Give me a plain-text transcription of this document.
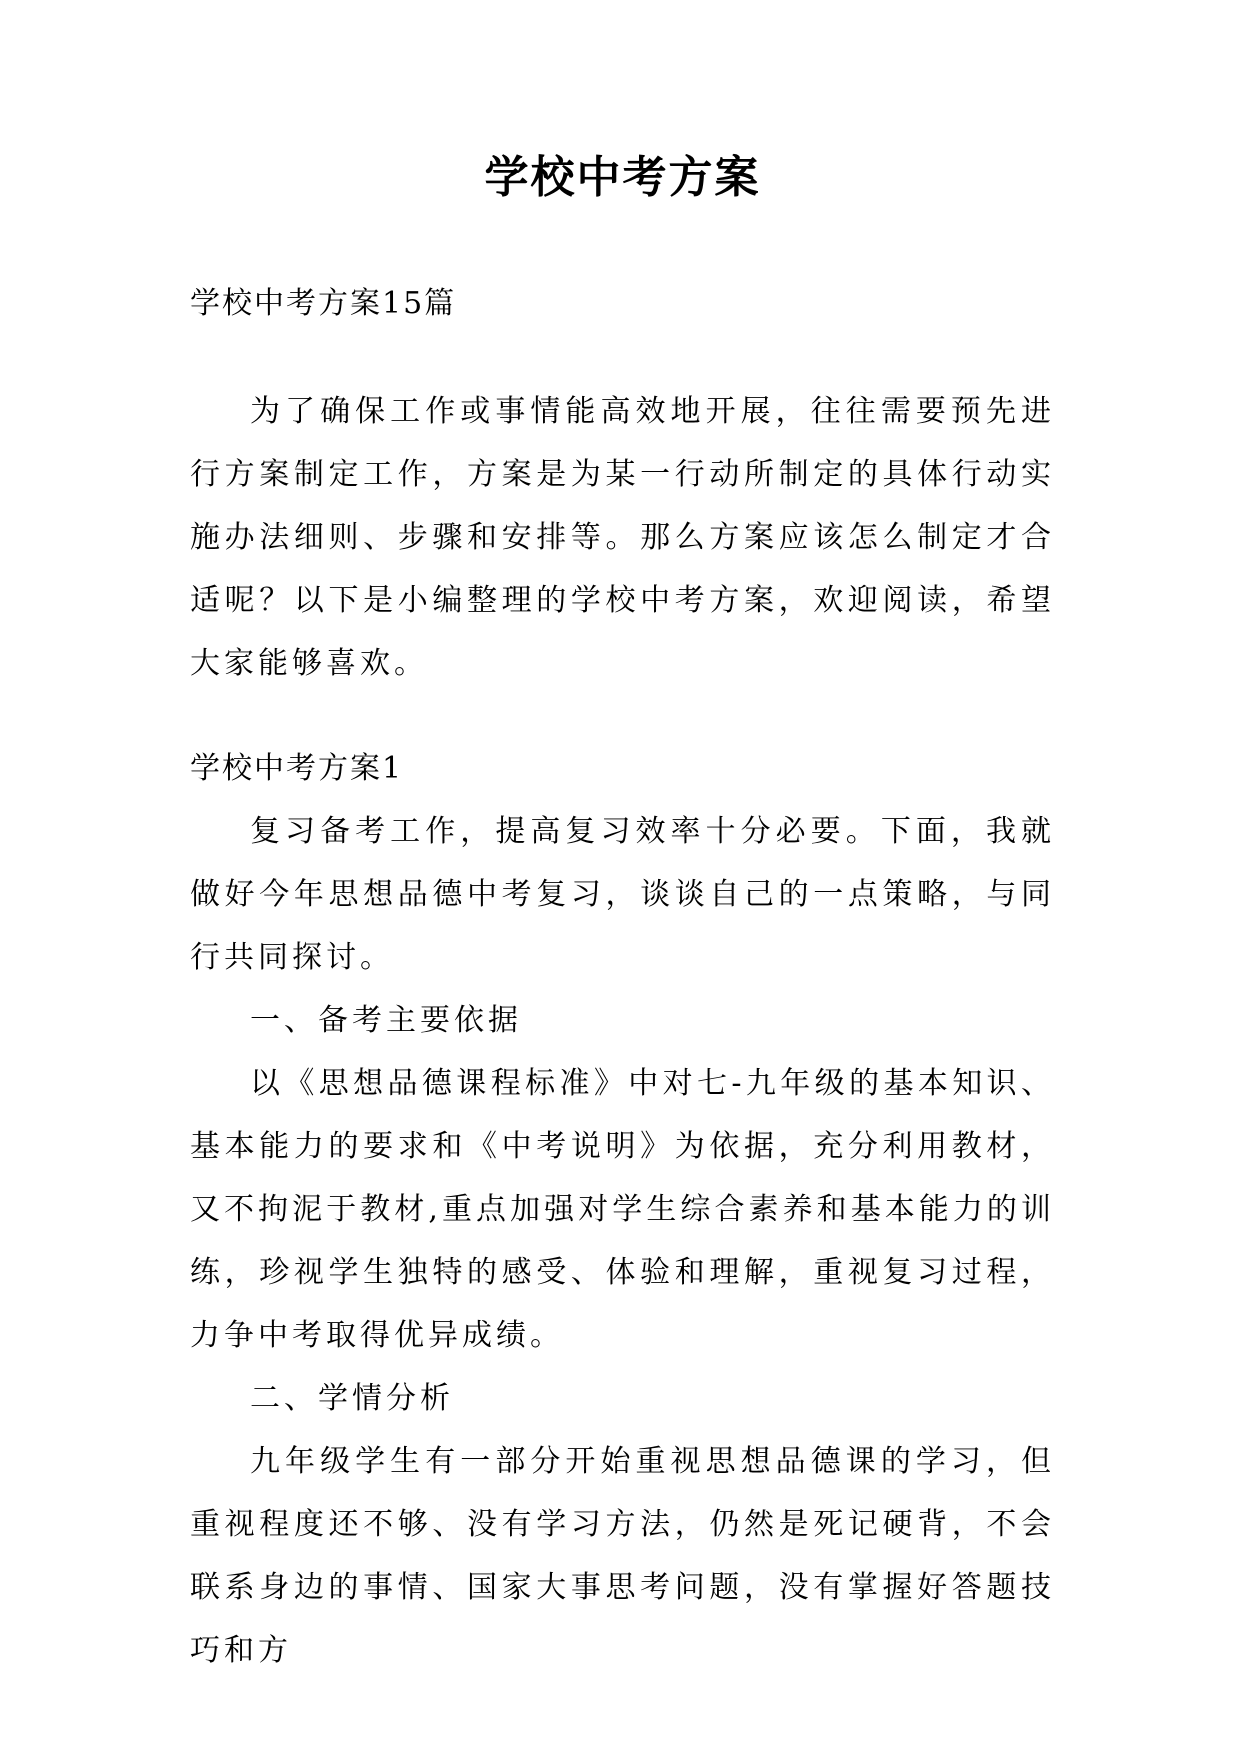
学校中考方案
学校中考方案15篇

为了确保工作或事情能高效地开展，往往需要预先进行方案制定工作，方案是为某一行动所制定的具体行动实施办法细则、步骤和安排等。那么方案应该怎么制定才合适呢？以下是小编整理的学校中考方案，欢迎阅读，希望大家能够喜欢。

学校中考方案1

复习备考工作，提高复习效率十分必要。下面，我就做好今年思想品德中考复习，谈谈自己的一点策略，与同行共同探讨。

一、备考主要依据

以《思想品德课程标准》中对七-九年级的基本知识、基本能力的要求和《中考说明》为依据，充分利用教材，又不拘泥于教材,重点加强对学生综合素养和基本能力的训练，珍视学生独特的感受、体验和理解，重视复习过程，力争中考取得优异成绩。

二、学情分析

九年级学生有一部分开始重视思想品德课的学习，但重视程度还不够、没有学习方法，仍然是死记硬背，不会联系身边的事情、国家大事思考问题，没有掌握好答题技巧和方
